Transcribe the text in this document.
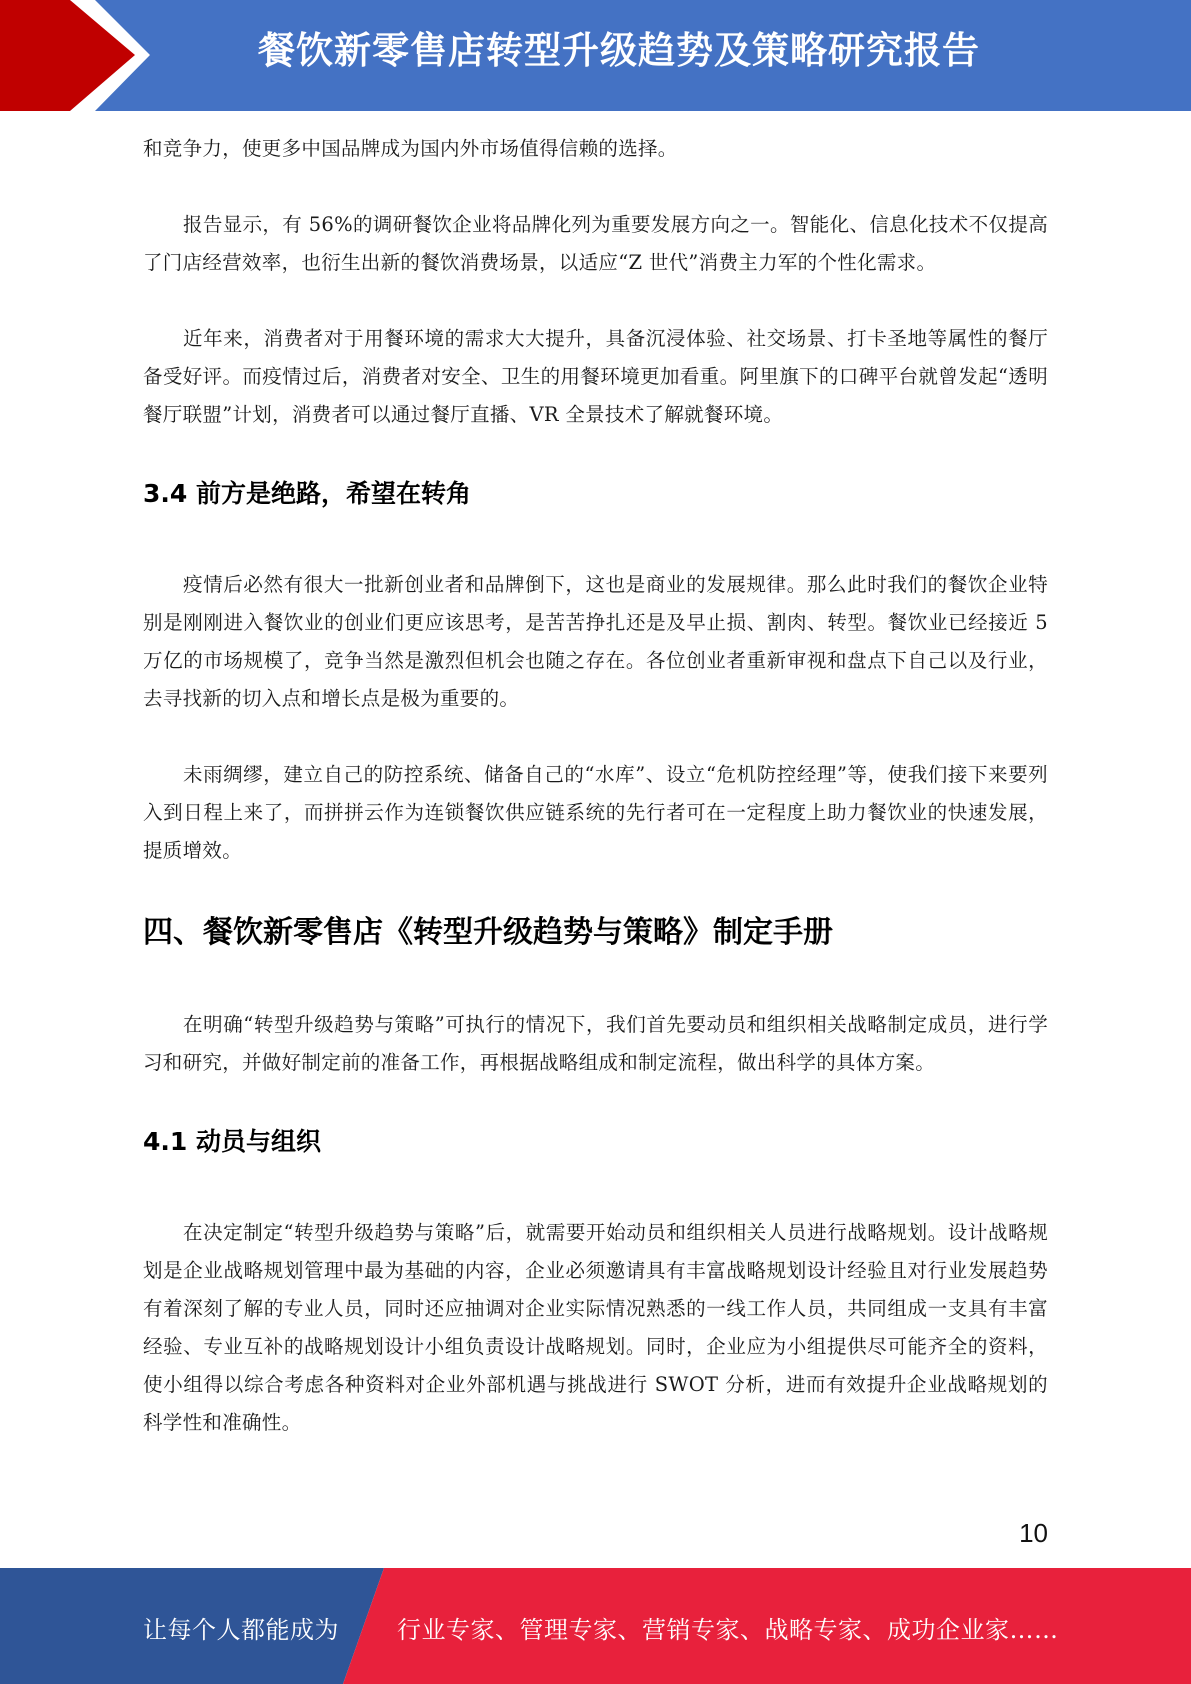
餐饮新零售店转型升级趋势及策略研究报告

和竞争力，使更多中国品牌成为国内外市场值得信赖的选择。

报告显示，有 56%的调研餐饮企业将品牌化列为重要发展方向之一。智能化、信息化技术不仅提高了门店经营效率，也衍生出新的餐饮消费场景，以适应“Z 世代”消费主力军的个性化需求。

近年来，消费者对于用餐环境的需求大大提升，具备沉浸体验、社交场景、打卡圣地等属性的餐厅备受好评。而疫情过后，消费者对安全、卫生的用餐环境更加看重。阿里旗下的口碑平台就曾发起“透明餐厅联盟”计划，消费者可以通过餐厅直播、VR 全景技术了解就餐环境。

3.4 前方是绝路，希望在转角

疫情后必然有很大一批新创业者和品牌倒下，这也是商业的发展规律。那么此时我们的餐饮企业特别是刚刚进入餐饮业的创业们更应该思考，是苦苦挣扎还是及早止损、割肉、转型。餐饮业已经接近 5 万亿的市场规模了，竞争当然是激烈但机会也随之存在。各位创业者重新审视和盘点下自己以及行业，去寻找新的切入点和增长点是极为重要的。

未雨绸缪，建立自己的防控系统、储备自己的“水库”、设立“危机防控经理”等，使我们接下来要列入到日程上来了，而拼拼云作为连锁餐饮供应链系统的先行者可在一定程度上助力餐饮业的快速发展，提质增效。

四、餐饮新零售店《转型升级趋势与策略》制定手册

在明确“转型升级趋势与策略”可执行的情况下，我们首先要动员和组织相关战略制定成员，进行学习和研究，并做好制定前的准备工作，再根据战略组成和制定流程，做出科学的具体方案。

4.1 动员与组织

在决定制定“转型升级趋势与策略”后，就需要开始动员和组织相关人员进行战略规划。设计战略规划是企业战略规划管理中最为基础的内容，企业必须邀请具有丰富战略规划设计经验且对行业发展趋势有着深刻了解的专业人员，同时还应抽调对企业实际情况熟悉的一线工作人员，共同组成一支具有丰富经验、专业互补的战略规划设计小组负责设计战略规划。同时，企业应为小组提供尽可能齐全的资料，使小组得以综合考虑各种资料对企业外部机遇与挑战进行 SWOT 分析，进而有效提升企业战略规划的科学性和准确性。

10
让每个人都能成为 行业专家、管理专家、营销专家、战略专家、成功企业家……
